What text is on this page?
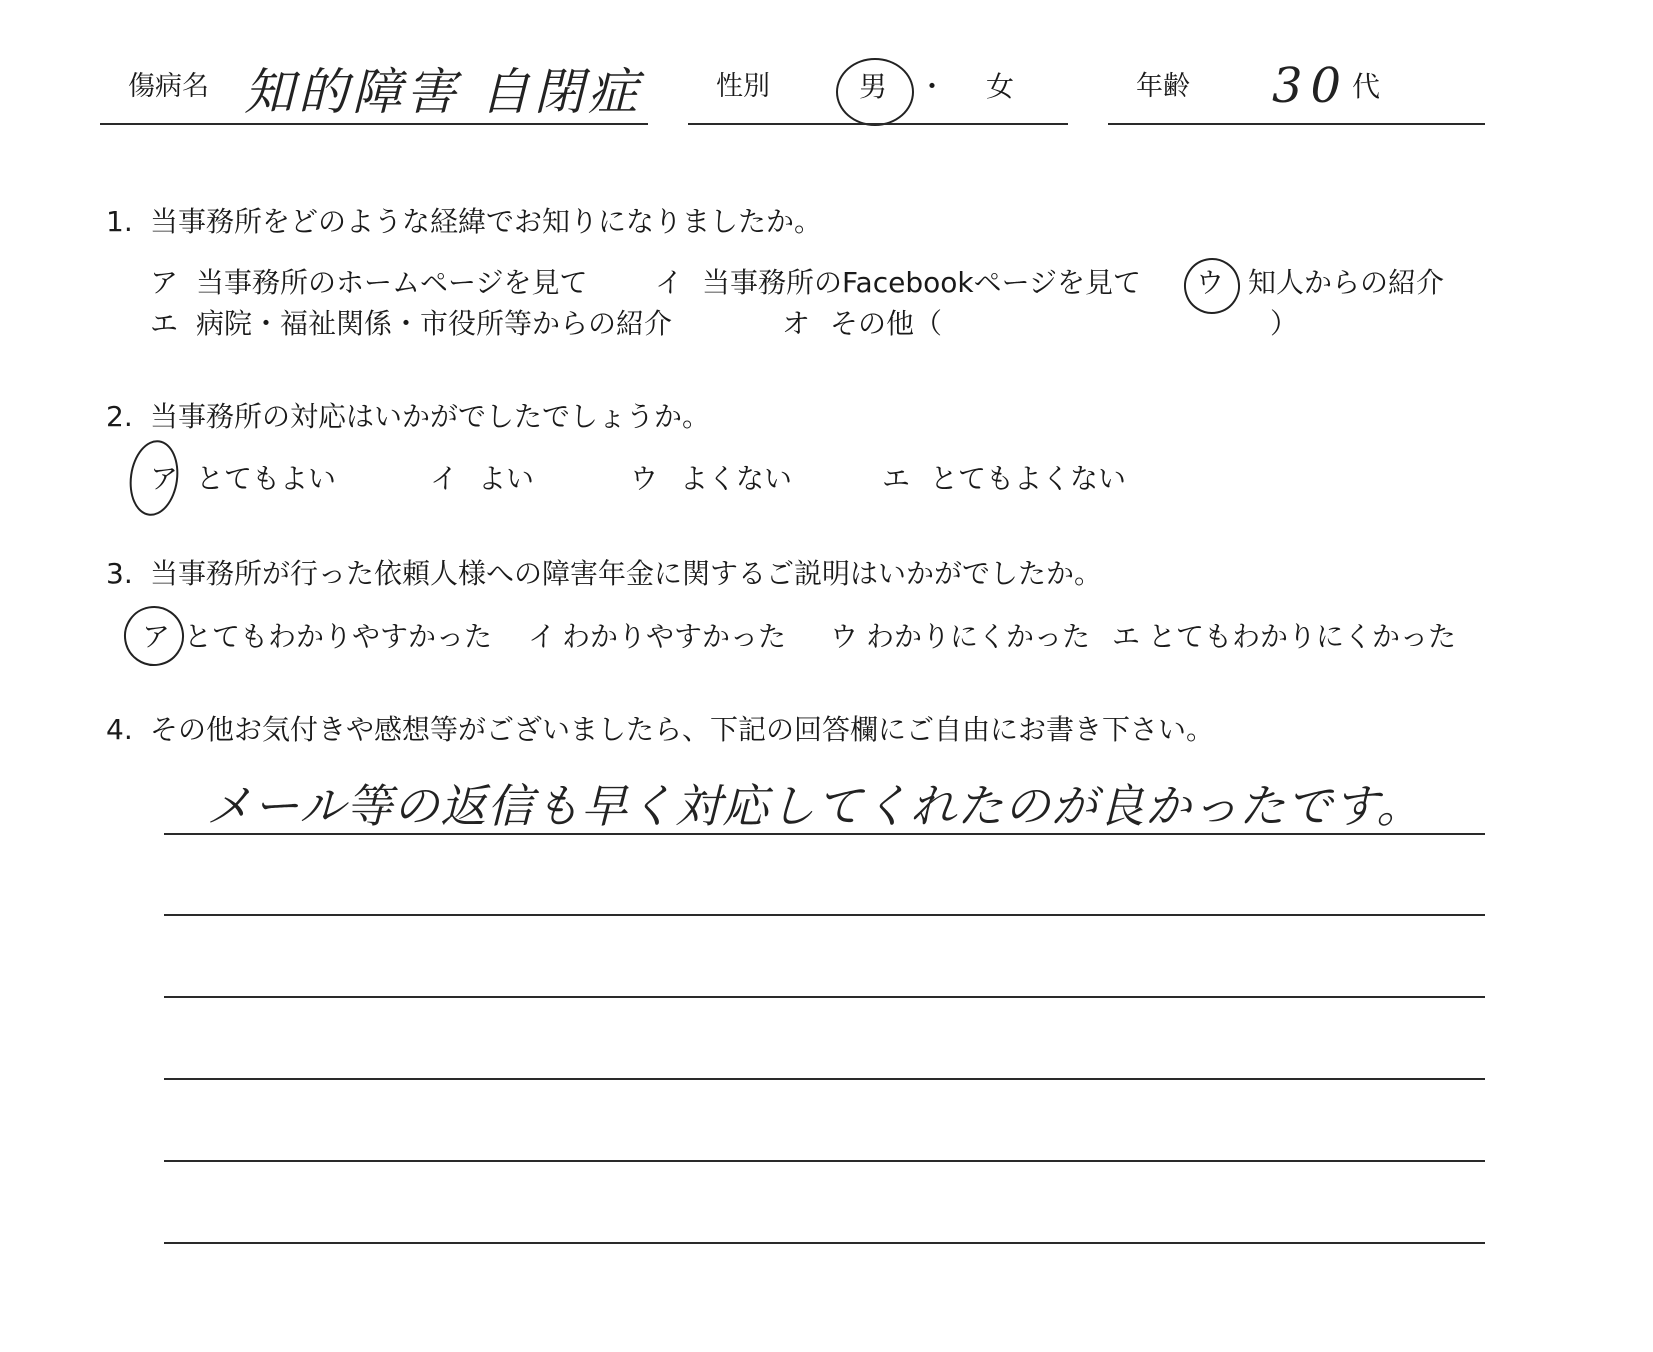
傷病名 知的障害 自閉症	性別	男 ・ 女	年齢 30 代
1. 当事務所をどのような経緯でお知りになりましたか。
ア 当事務所のホームページを見て イ 当事務所のFacebookページを見て ウ 知人からの紹介
エ 病院・福祉関係・市役所等からの紹介	オ その他（	）
2. 当事務所の対応はいかがでしたでしょうか。
ア とてもよい	イ よい	ウ よくない	エ とてもよくない
3. 当事務所が行った依頼人様への障害年金に関するご説明はいかがでしたか。
ア とてもわかりやすかった イ わかりやすかった ウ わかりにくかった エ とてもわかりにくかった
4. その他お気付きや感想等がございましたら、下記の回答欄にご自由にお書き下さい。
メール等の返信も早く対応してくれたのが良かったです。
